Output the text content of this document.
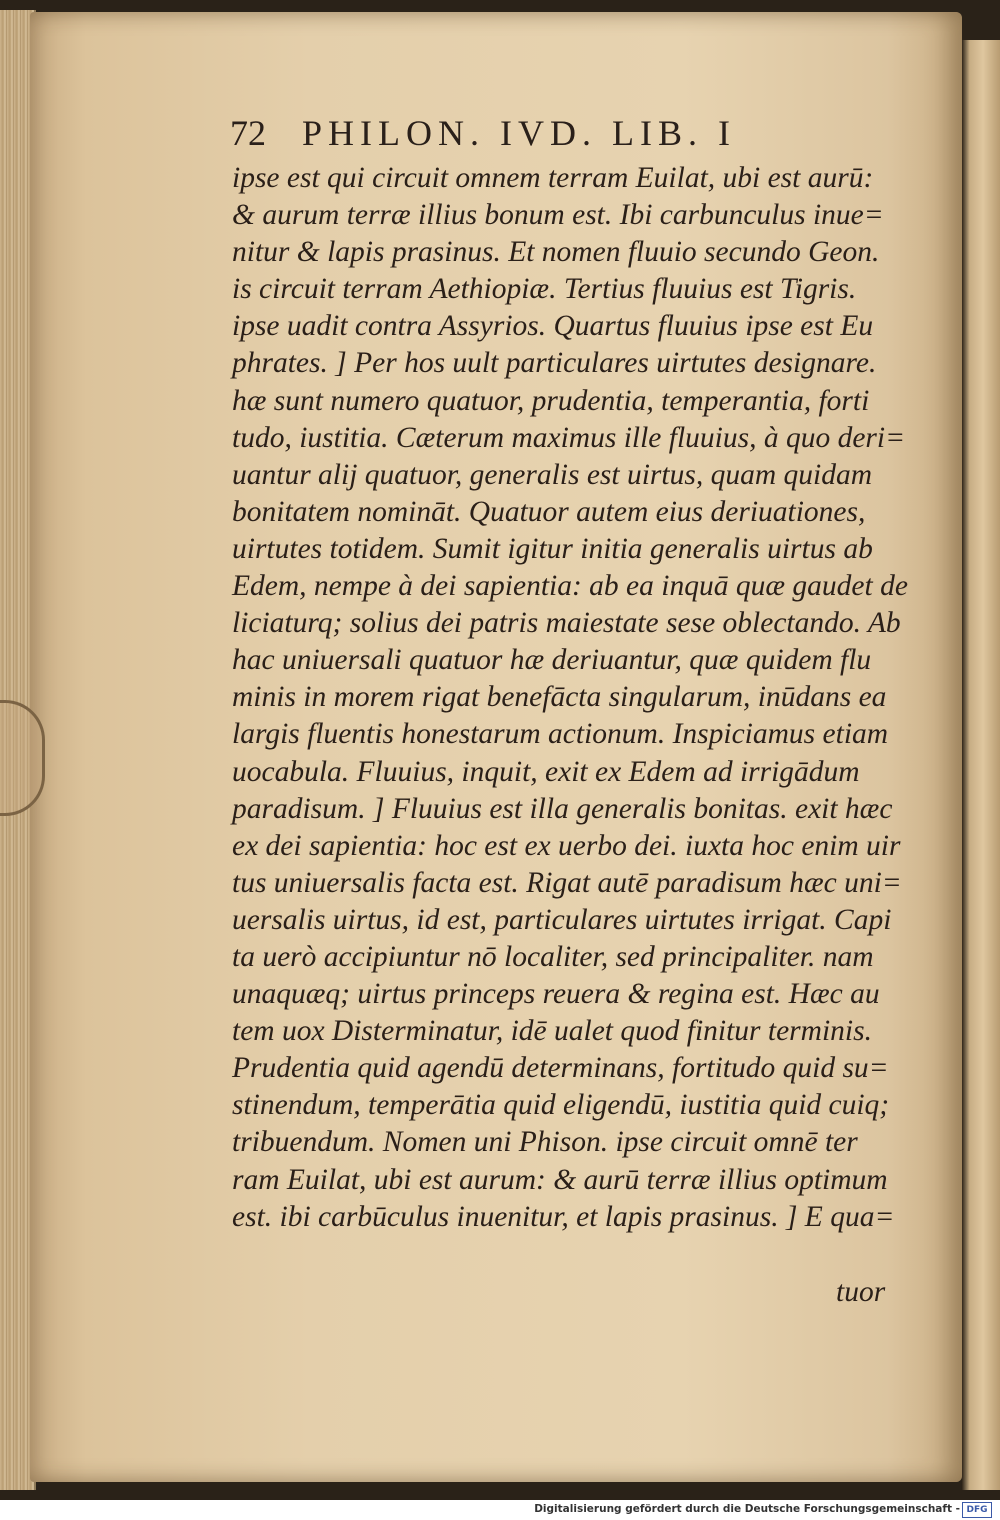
72 PHILON. IVD. LIB. I
ipse est qui circuit omnem terram Euilat, ubi est aurū:
& aurum terræ illius bonum est. Ibi carbunculus inue=
nitur & lapis prasinus. Et nomen fluuio secundo Geon.
is circuit terram Aethiopiæ. Tertius fluuius est Tigris.
ipse uadit contra Assyrios. Quartus fluuius ipse est Eu
phrates. ] Per hos uult particulares uirtutes designare.
hæ sunt numero quatuor, prudentia, temperantia, forti
tudo, iustitia. Cæterum maximus ille fluuius, à quo deri=
uantur alij quatuor, generalis est uirtus, quam quidam
bonitatem nomināt. Quatuor autem eius deriuationes,
uirtutes totidem. Sumit igitur initia generalis uirtus ab
Edem, nempe à dei sapientia: ab ea inquā quæ gaudet de
liciaturq; solius dei patris maiestate sese oblectando. Ab
hac uniuersali quatuor hæ deriuantur, quæ quidem flu
minis in morem rigat benefācta singularum, inūdans ea
largis fluentis honestarum actionum. Inspiciamus etiam
uocabula. Fluuius, inquit, exit ex Edem ad irrigādum
paradisum. ] Fluuius est illa generalis bonitas. exit hæc
ex dei sapientia: hoc est ex uerbo dei. iuxta hoc enim uir
tus uniuersalis facta est. Rigat autē paradisum hæc uni=
uersalis uirtus, id est, particulares uirtutes irrigat. Capi
ta uerò accipiuntur nō localiter, sed principaliter. nam
unaquæq; uirtus princeps reuera & regina est. Hæc au
tem uox Disterminatur, idē ualet quod finitur terminis.
Prudentia quid agendū determinans, fortitudo quid su=
stinendum, temperātia quid eligendū, iustitia quid cuiq;
tribuendum. Nomen uni Phison. ipse circuit omnē ter
ram Euilat, ubi est aurum: & aurū terræ illius optimum
est. ibi carbūculus inuenitur, et lapis prasinus. ] E qua=
tuor
Digitalisierung gefördert durch die Deutsche Forschungsgemeinschaft - DFG
